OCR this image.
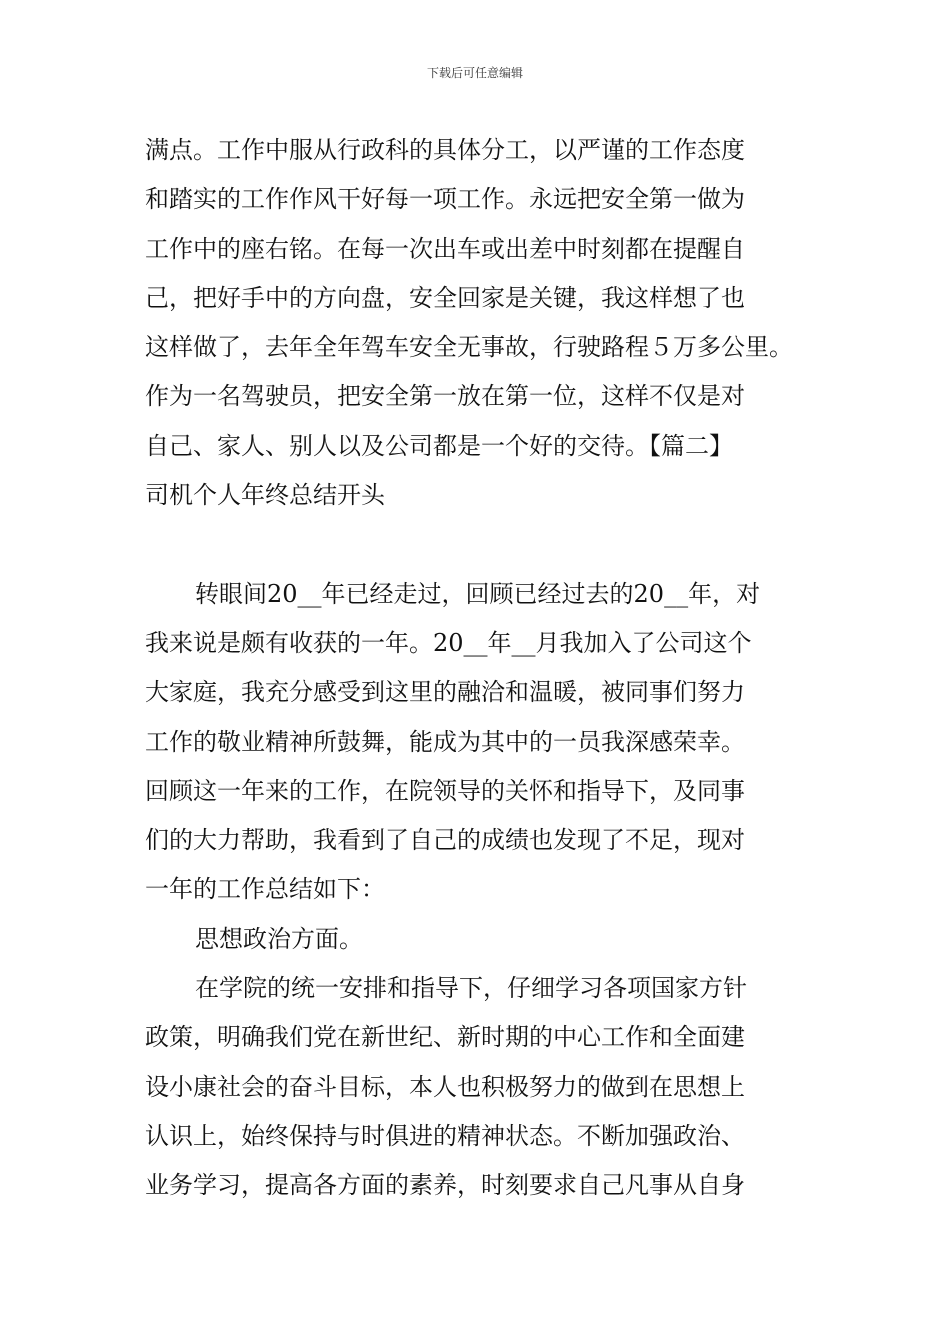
下载后可任意编辑
满点。工作中服从行政科的具体分工，以严谨的工作态度
和踏实的工作作风干好每一项工作。永远把安全第一做为
工作中的座右铭。在每一次出车或出差中时刻都在提醒自
己，把好手中的方向盘，安全回家是关键，我这样想了也
这样做了，去年全年驾车安全无事故，行驶路程５万多公里。
作为一名驾驶员，把安全第一放在第一位，这样不仅是对
自己、家人、别人以及公司都是一个好的交待。【篇二】
司机个人年终总结开头
转眼间20__年已经走过，回顾已经过去的20__年，对
我来说是颇有收获的一年。20__年__月我加入了公司这个
大家庭，我充分感受到这里的融洽和温暖，被同事们努力
工作的敬业精神所鼓舞，能成为其中的一员我深感荣幸。
回顾这一年来的工作，在院领导的关怀和指导下，及同事
们的大力帮助，我看到了自己的成绩也发现了不足，现对
一年的工作总结如下：
思想政治方面。
在学院的统一安排和指导下，仔细学习各项国家方针
政策，明确我们党在新世纪、新时期的中心工作和全面建
设小康社会的奋斗目标，本人也积极努力的做到在思想上
认识上，始终保持与时俱进的精神状态。不断加强政治、
业务学习，提高各方面的素养，时刻要求自己凡事从自身
